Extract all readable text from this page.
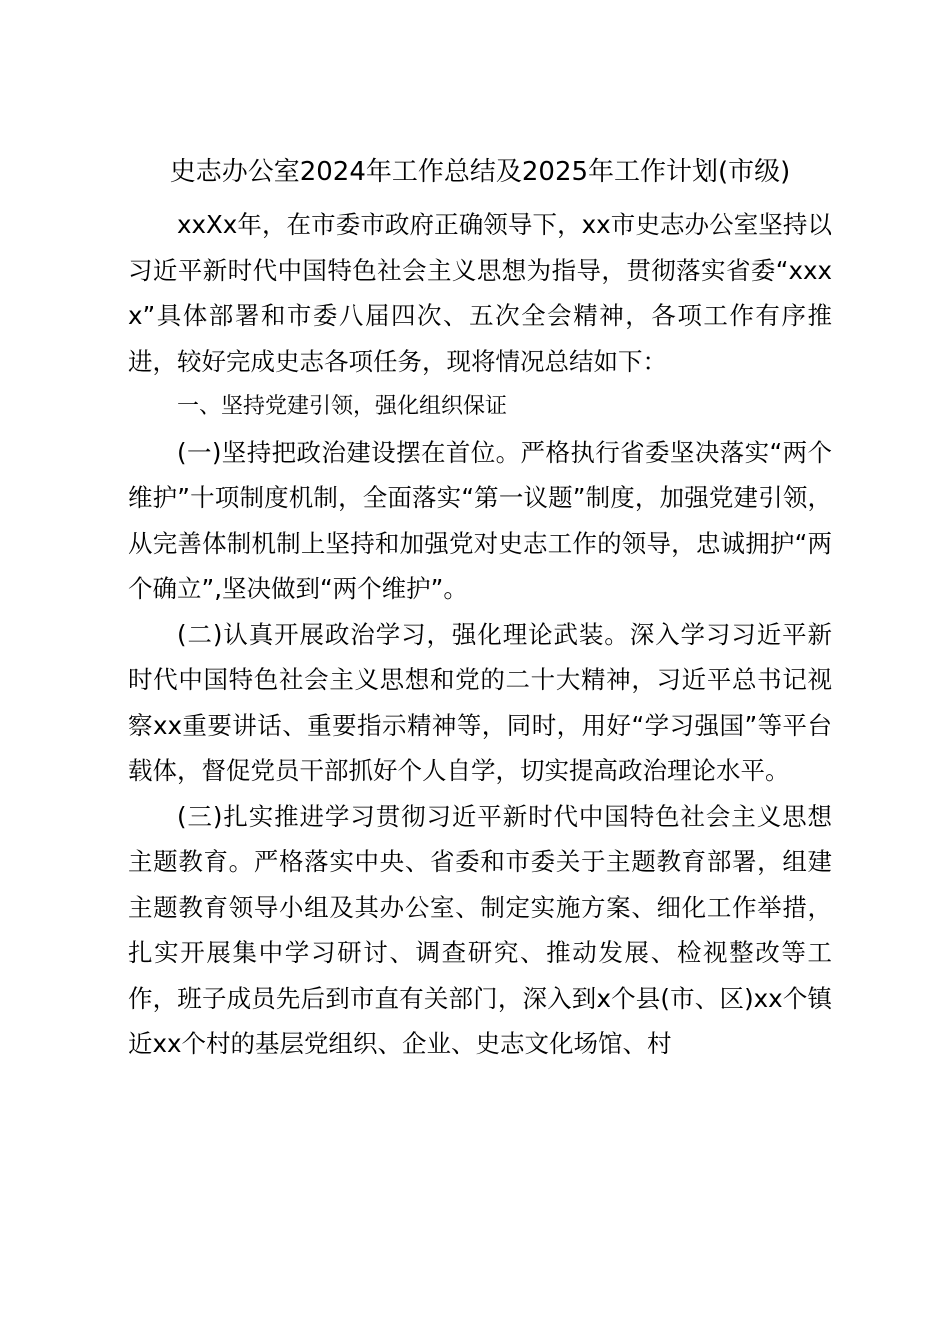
史志办公室2024年工作总结及2025年工作计划(市级)

xxXx年，在市委市政府正确领导下，xx市史志办公室坚持以习近平新时代中国特色社会主义思想为指导，贯彻落实省委“xxxx”具体部署和市委八届四次、五次全会精神，各项工作有序推进，较好完成史志各项任务，现将情况总结如下：

一、坚持党建引领，强化组织保证

(一)坚持把政治建设摆在首位。严格执行省委坚决落实“两个维护”十项制度机制，全面落实“第一议题”制度，加强党建引领，从完善体制机制上坚持和加强党对史志工作的领导，忠诚拥护“两个确立”,坚决做到“两个维护”。

(二)认真开展政治学习，强化理论武装。深入学习习近平新时代中国特色社会主义思想和党的二十大精神，习近平总书记视察xx重要讲话、重要指示精神等，同时，用好“学习强国”等平台载体，督促党员干部抓好个人自学，切实提高政治理论水平。

(三)扎实推进学习贯彻习近平新时代中国特色社会主义思想主题教育。严格落实中央、省委和市委关于主题教育部署，组建主题教育领导小组及其办公室、制定实施方案、细化工作举措，扎实开展集中学习研讨、调查研究、推动发展、检视整改等工作，班子成员先后到市直有关部门，深入到x个县(市、区)xx个镇近xx个村的基层党组织、企业、史志文化场馆、村
